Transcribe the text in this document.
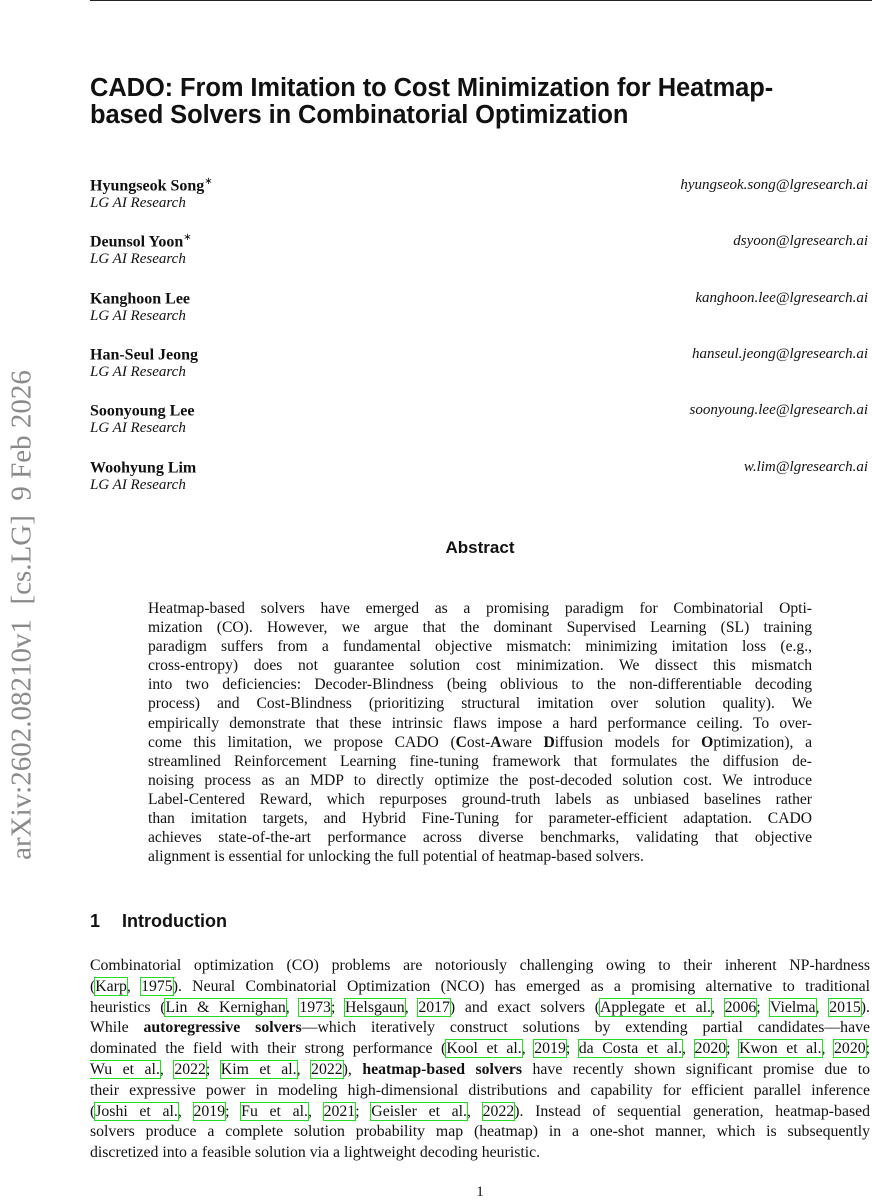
arXiv:2602.08210v1  [cs.LG]  9 Feb 2026
CADO: From Imitation to Cost Minimization for Heatmap-
based Solvers in Combinatorial Optimization
Hyungseok Song∗
LG AI Research
hyungseok.song@lgresearch.ai
Deunsol Yoon∗
LG AI Research
dsyoon@lgresearch.ai
Kanghoon Lee
LG AI Research
kanghoon.lee@lgresearch.ai
Han-Seul Jeong
LG AI Research
hanseul.jeong@lgresearch.ai
Soonyoung Lee
LG AI Research
soonyoung.lee@lgresearch.ai
Woohyung Lim
LG AI Research
w.lim@lgresearch.ai
Abstract
Heatmap-based solvers have emerged as a promising paradigm for Combinatorial Opti-
mization (CO). However, we argue that the dominant Supervised Learning (SL) training
paradigm suffers from a fundamental objective mismatch: minimizing imitation loss (e.g.,
cross-entropy) does not guarantee solution cost minimization. We dissect this mismatch
into two deficiencies: Decoder-Blindness (being oblivious to the non-differentiable decoding
process) and Cost-Blindness (prioritizing structural imitation over solution quality). We
empirically demonstrate that these intrinsic flaws impose a hard performance ceiling. To over-
come this limitation, we propose CADO (Cost-Aware Diffusion models for Optimization), a
streamlined Reinforcement Learning fine-tuning framework that formulates the diffusion de-
noising process as an MDP to directly optimize the post-decoded solution cost. We introduce
Label-Centered Reward, which repurposes ground-truth labels as unbiased baselines rather
than imitation targets, and Hybrid Fine-Tuning for parameter-efficient adaptation. CADO
achieves state-of-the-art performance across diverse benchmarks, validating that objective
alignment is essential for unlocking the full potential of heatmap-based solvers.
1 Introduction
Combinatorial optimization (CO) problems are notoriously challenging owing to their inherent NP-hardness
(Karp, 1975). Neural Combinatorial Optimization (NCO) has emerged as a promising alternative to traditional
heuristics (Lin & Kernighan, 1973; Helsgaun, 2017) and exact solvers (Applegate et al., 2006; Vielma, 2015).
While autoregressive solvers—which iteratively construct solutions by extending partial candidates—have
dominated the field with their strong performance (Kool et al., 2019; da Costa et al., 2020; Kwon et al., 2020;
Wu et al., 2022; Kim et al., 2022), heatmap-based solvers have recently shown significant promise due to
their expressive power in modeling high-dimensional distributions and capability for efficient parallel inference
(Joshi et al., 2019; Fu et al., 2021; Geisler et al., 2022). Instead of sequential generation, heatmap-based
solvers produce a complete solution probability map (heatmap) in a one-shot manner, which is subsequently
discretized into a feasible solution via a lightweight decoding heuristic.
1
